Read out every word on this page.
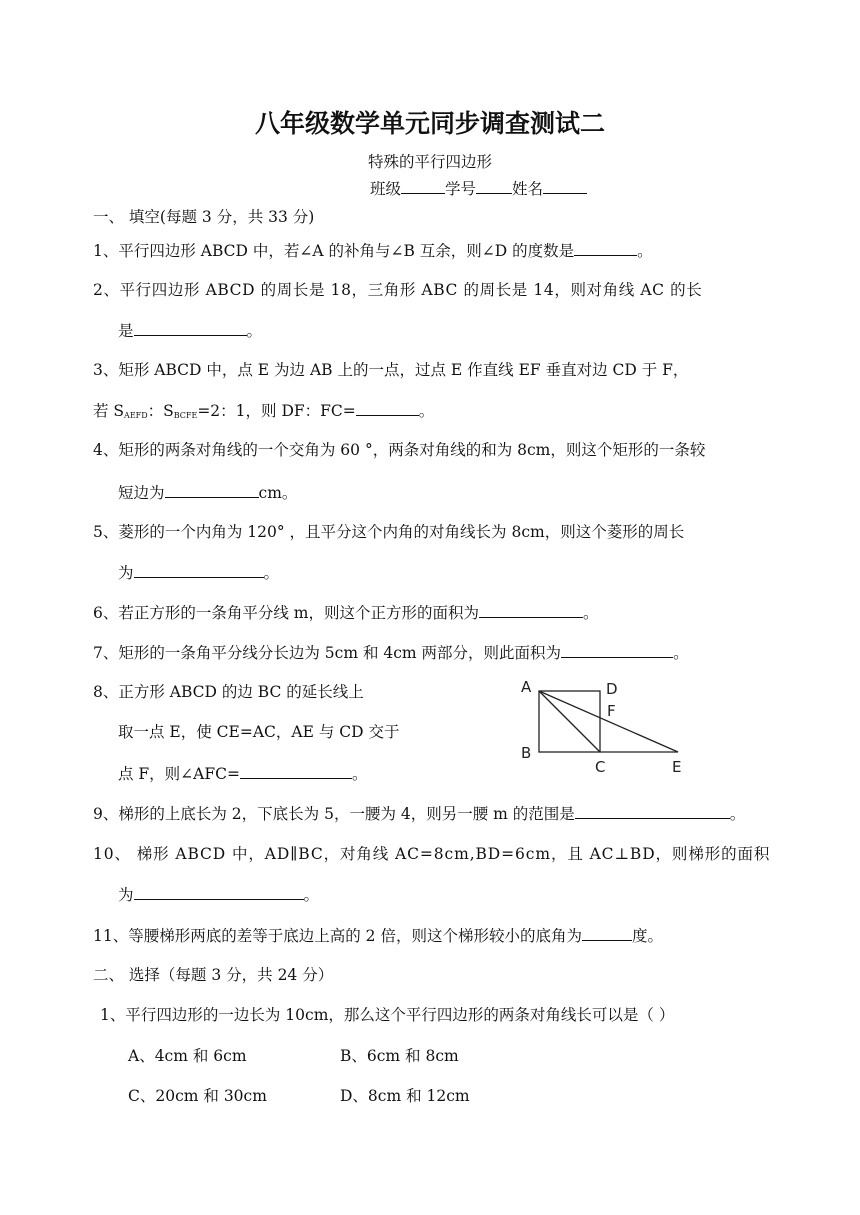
八年级数学单元同步调查测试二
特殊的平行四边形
班级	学号 姓名
一、 填空(每题 3 分，共 33 分)
1、平行四边形 ABCD 中，若∠A 的补角与∠B 互余，则∠D 的度数是	。
2、平行四边形 ABCD 的周长是 18，三角形 ABC 的周长是 14，则对角线 AC 的长
是	。
3、矩形 ABCD 中，点 E 为边 AB 上的一点，过点 E 作直线 EF 垂直对边 CD 于 F，
若 $S_{AEFD}$：$S_{BCFE}=2$：1，则 DF：FC=	。
4、矩形的两条对角线的一个交角为 60 °，两条对角线的和为 8cm，则这个矩形的一条较
短边为	cm。
5、菱形的一个内角为 120° ，且平分这个内角的对角线长为 8cm，则这个菱形的周长
为	。
6、若正方形的一条角平分线 m，则这个正方形的面积为	。
7、矩形的一条角平分线分长边为 5cm 和 4cm 两部分，则此面积为	。
8、正方形 ABCD 的边 BC 的延长线上
取一点 E，使 CE=AC，AE 与 CD 交于
点 F，则∠AFC=	。
A	D
F
B
C	E
9、梯形的上底长为 2，下底长为 5，一腰为 4，则另一腰 m 的范围是	。
10、 梯形 ABCD 中，AD∥BC，对角线 AC=8cm,BD=6cm，且 AC⊥BD，则梯形的面积
为	。
11、等腰梯形两底的差等于底边上高的 2 倍，则这个梯形较小的底角为	度。
二、 选择（每题 3 分，共 24 分）
1、平行四边形的一边长为 10cm，那么这个平行四边形的两条对角线长可以是（ ）
A、4cm 和 6cm	B、6cm 和 8cm
C、20cm 和 30cm	D、8cm 和 12cm
